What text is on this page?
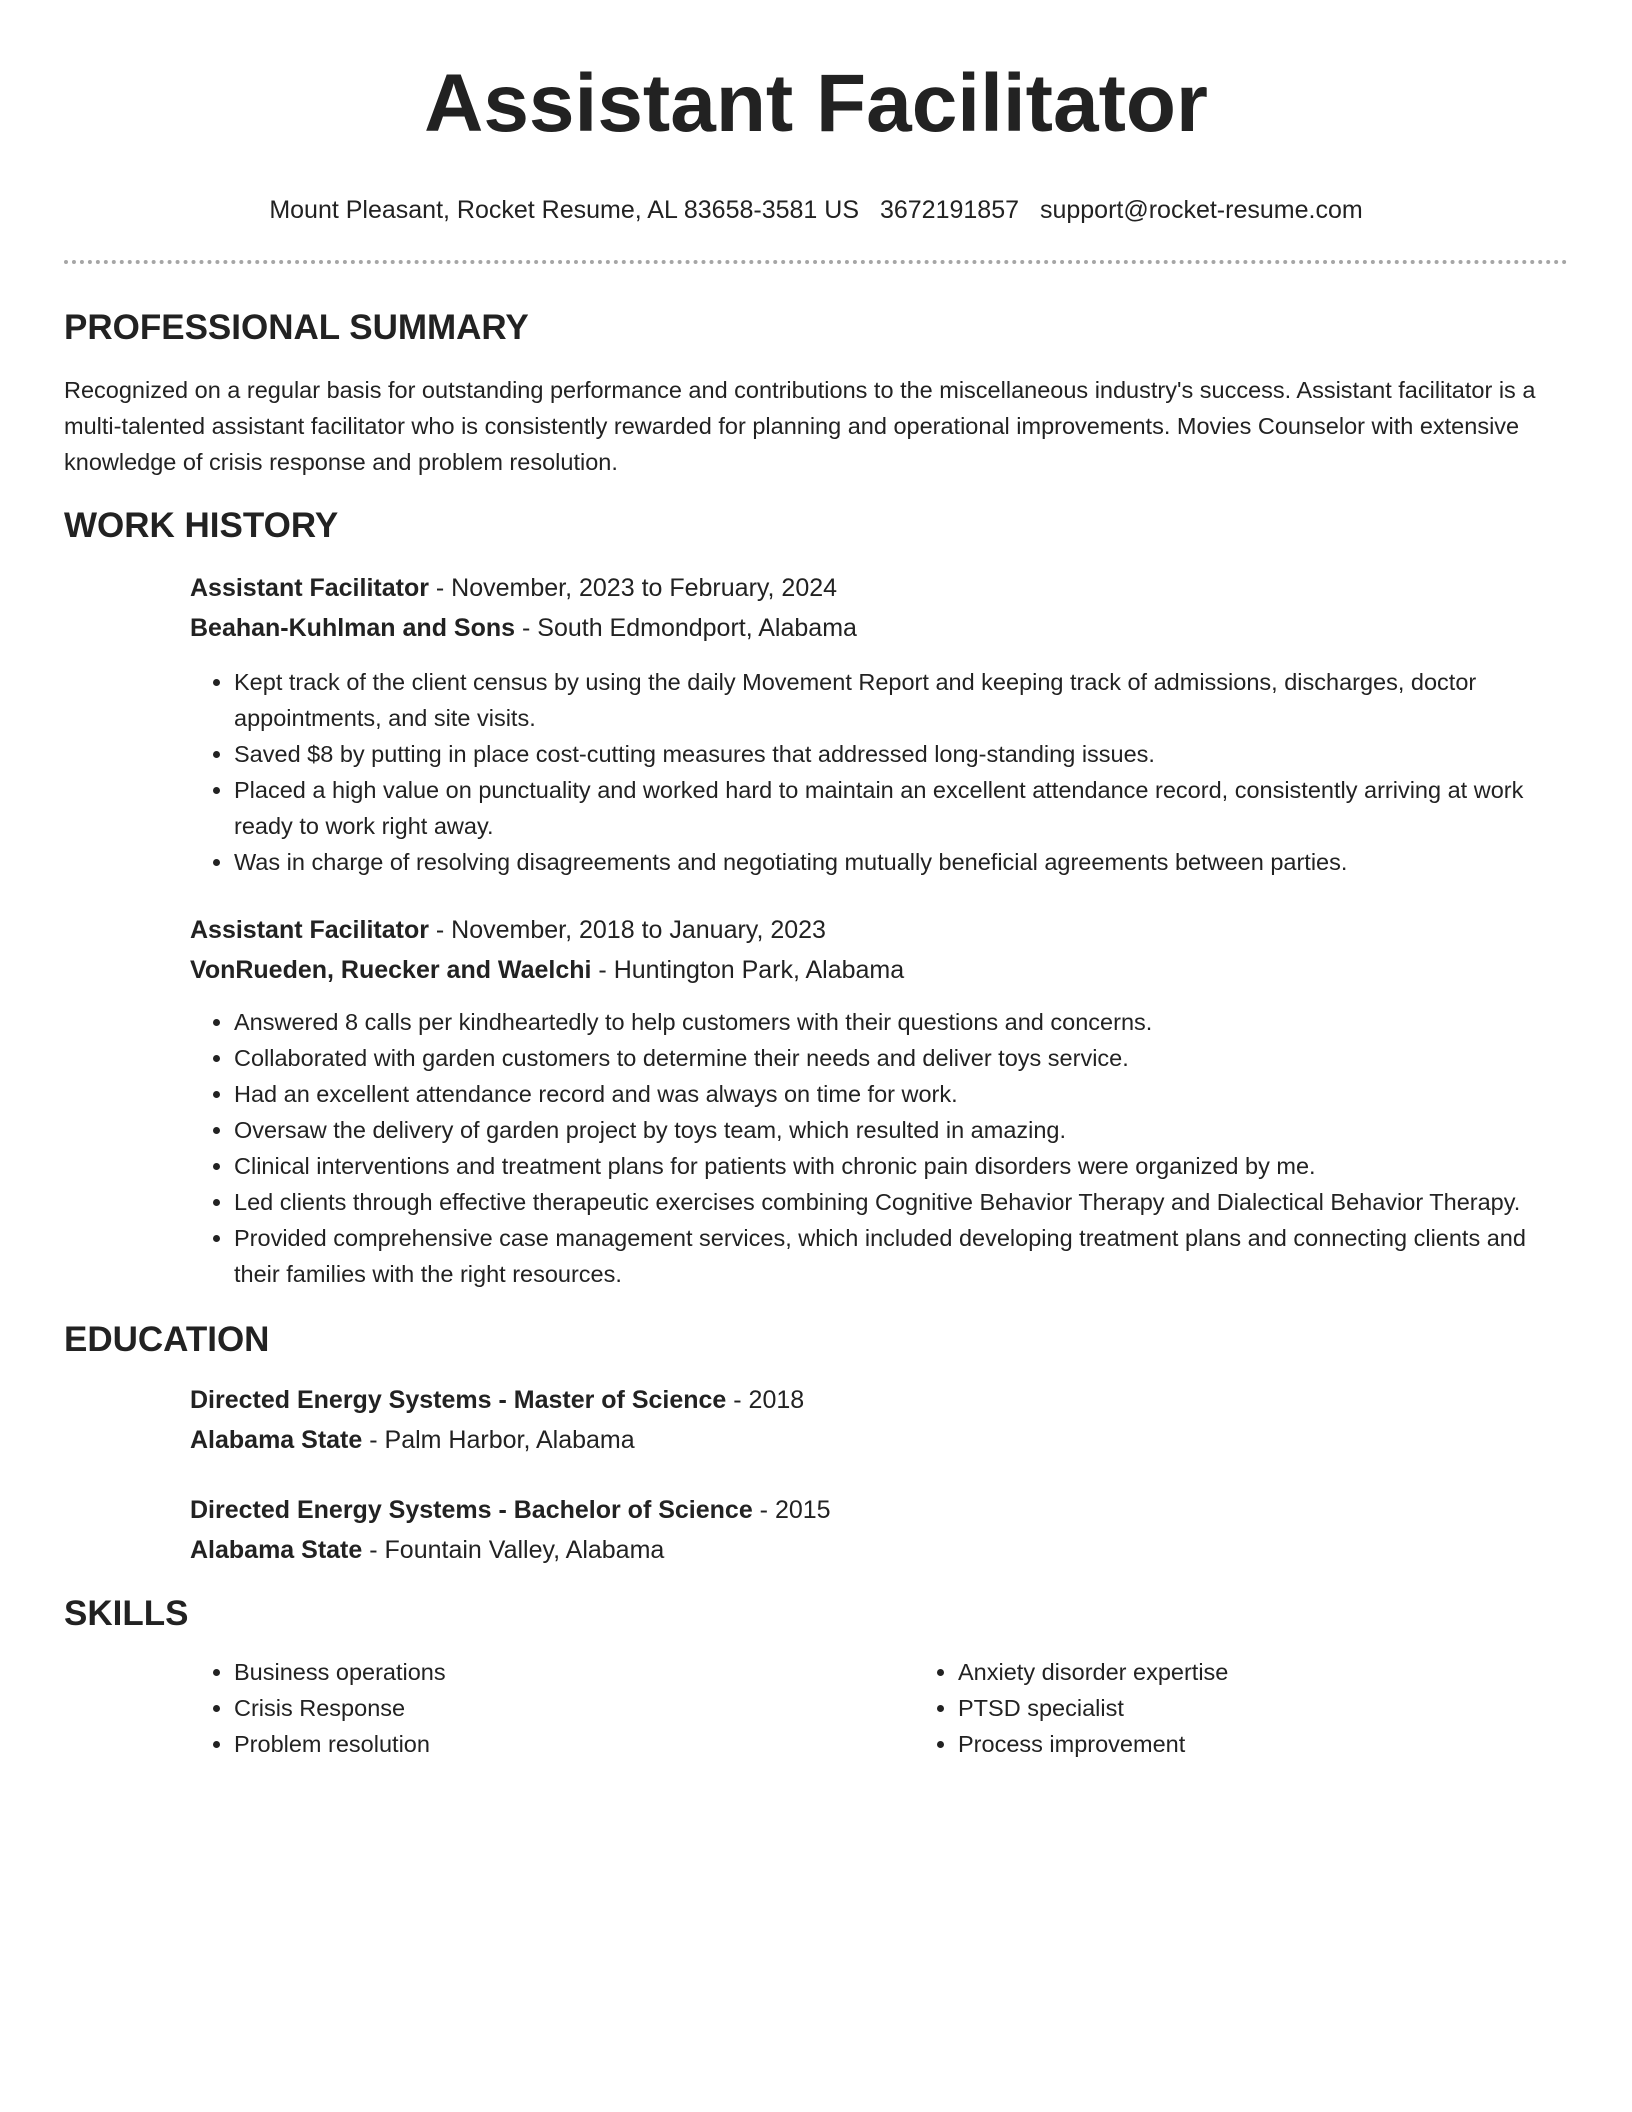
Assistant Facilitator
Mount Pleasant, Rocket Resume, AL 83658-3581 US 3672191857 support@rocket-resume.com
PROFESSIONAL SUMMARY

Recognized on a regular basis for outstanding performance and contributions to the miscellaneous industry's success. Assistant facilitator is a multi-talented assistant facilitator who is consistently rewarded for planning and operational improvements. Movies Counselor with extensive knowledge of crisis response and problem resolution.

WORK HISTORY
Assistant Facilitator - November, 2023 to February, 2024
Beahan-Kuhlman and Sons - South Edmondport, Alabama
• Kept track of the client census by using the daily Movement Report and keeping track of admissions, discharges, doctor appointments, and site visits.
• Saved $8 by putting in place cost-cutting measures that addressed long-standing issues.
• Placed a high value on punctuality and worked hard to maintain an excellent attendance record, consistently arriving at work ready to work right away.
• Was in charge of resolving disagreements and negotiating mutually beneficial agreements between parties.
Assistant Facilitator - November, 2018 to January, 2023
VonRueden, Ruecker and Waelchi - Huntington Park, Alabama
• Answered 8 calls per kindheartedly to help customers with their questions and concerns.
• Collaborated with garden customers to determine their needs and deliver toys service.
• Had an excellent attendance record and was always on time for work.
• Oversaw the delivery of garden project by toys team, which resulted in amazing.
• Clinical interventions and treatment plans for patients with chronic pain disorders were organized by me.
• Led clients through effective therapeutic exercises combining Cognitive Behavior Therapy and Dialectical Behavior Therapy.
• Provided comprehensive case management services, which included developing treatment plans and connecting clients and their families with the right resources.
EDUCATION
Directed Energy Systems - Master of Science - 2018
Alabama State - Palm Harbor, Alabama
Directed Energy Systems - Bachelor of Science - 2015
Alabama State - Fountain Valley, Alabama
SKILLS
• Business operations
• Crisis Response
• Problem resolution
• Anxiety disorder expertise
• PTSD specialist
• Process improvement
